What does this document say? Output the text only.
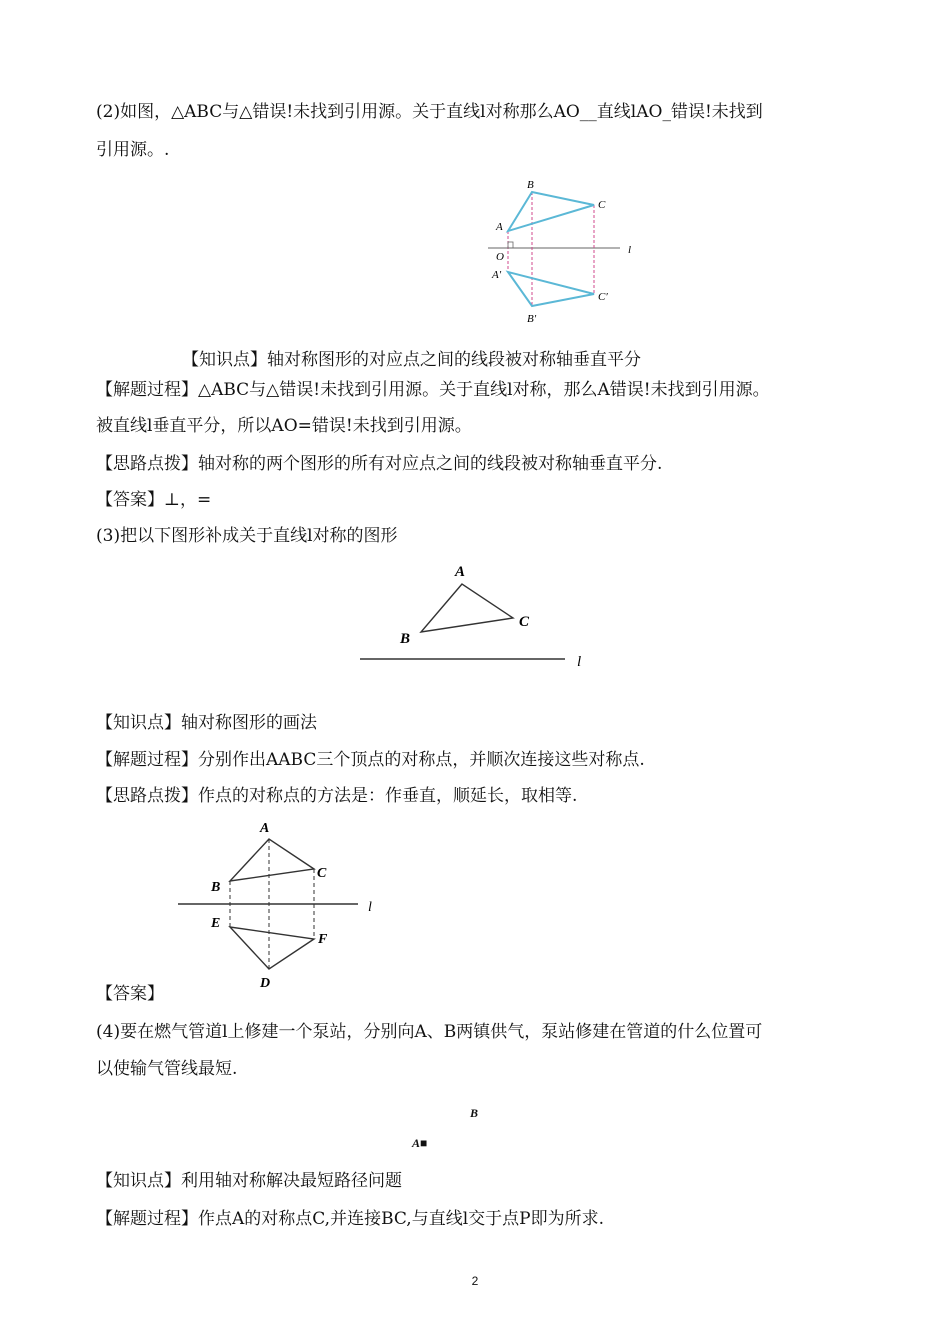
(2)如图，△ABC与△错误!未找到引用源。关于直线l对称那么AO__直线lAO_错误!未找到
引用源。.
B
C
A
O
l
A′
C′
B′
【知识点】轴对称图形的对应点之间的线段被对称轴垂直平分
【解题过程】△ABC与△错误!未找到引用源。关于直线l对称，那么A错误!未找到引用源。
被直线l垂直平分，所以AO=错误!未找到引用源。
【思路点拨】轴对称的两个图形的所有对应点之间的线段被对称轴垂直平分.
【答案】⊥，=
(3)把以下图形补成关于直线l对称的图形
A
B
C
l
【知识点】轴对称图形的画法
【解题过程】分别作出AABC三个顶点的对称点，并顺次连接这些对称点.
【思路点拨】作点的对称点的方法是：作垂直，顺延长，取相等.
A
B
C
E
F
D
l
【答案】
(4)要在燃气管道l上修建一个泵站，分别向A、B两镇供气，泵站修建在管道的什么位置可
以使输气管线最短.
B
A■
【知识点】利用轴对称解决最短路径问题
【解题过程】作点A的对称点C,并连接BC,与直线l交于点P即为所求.
2
